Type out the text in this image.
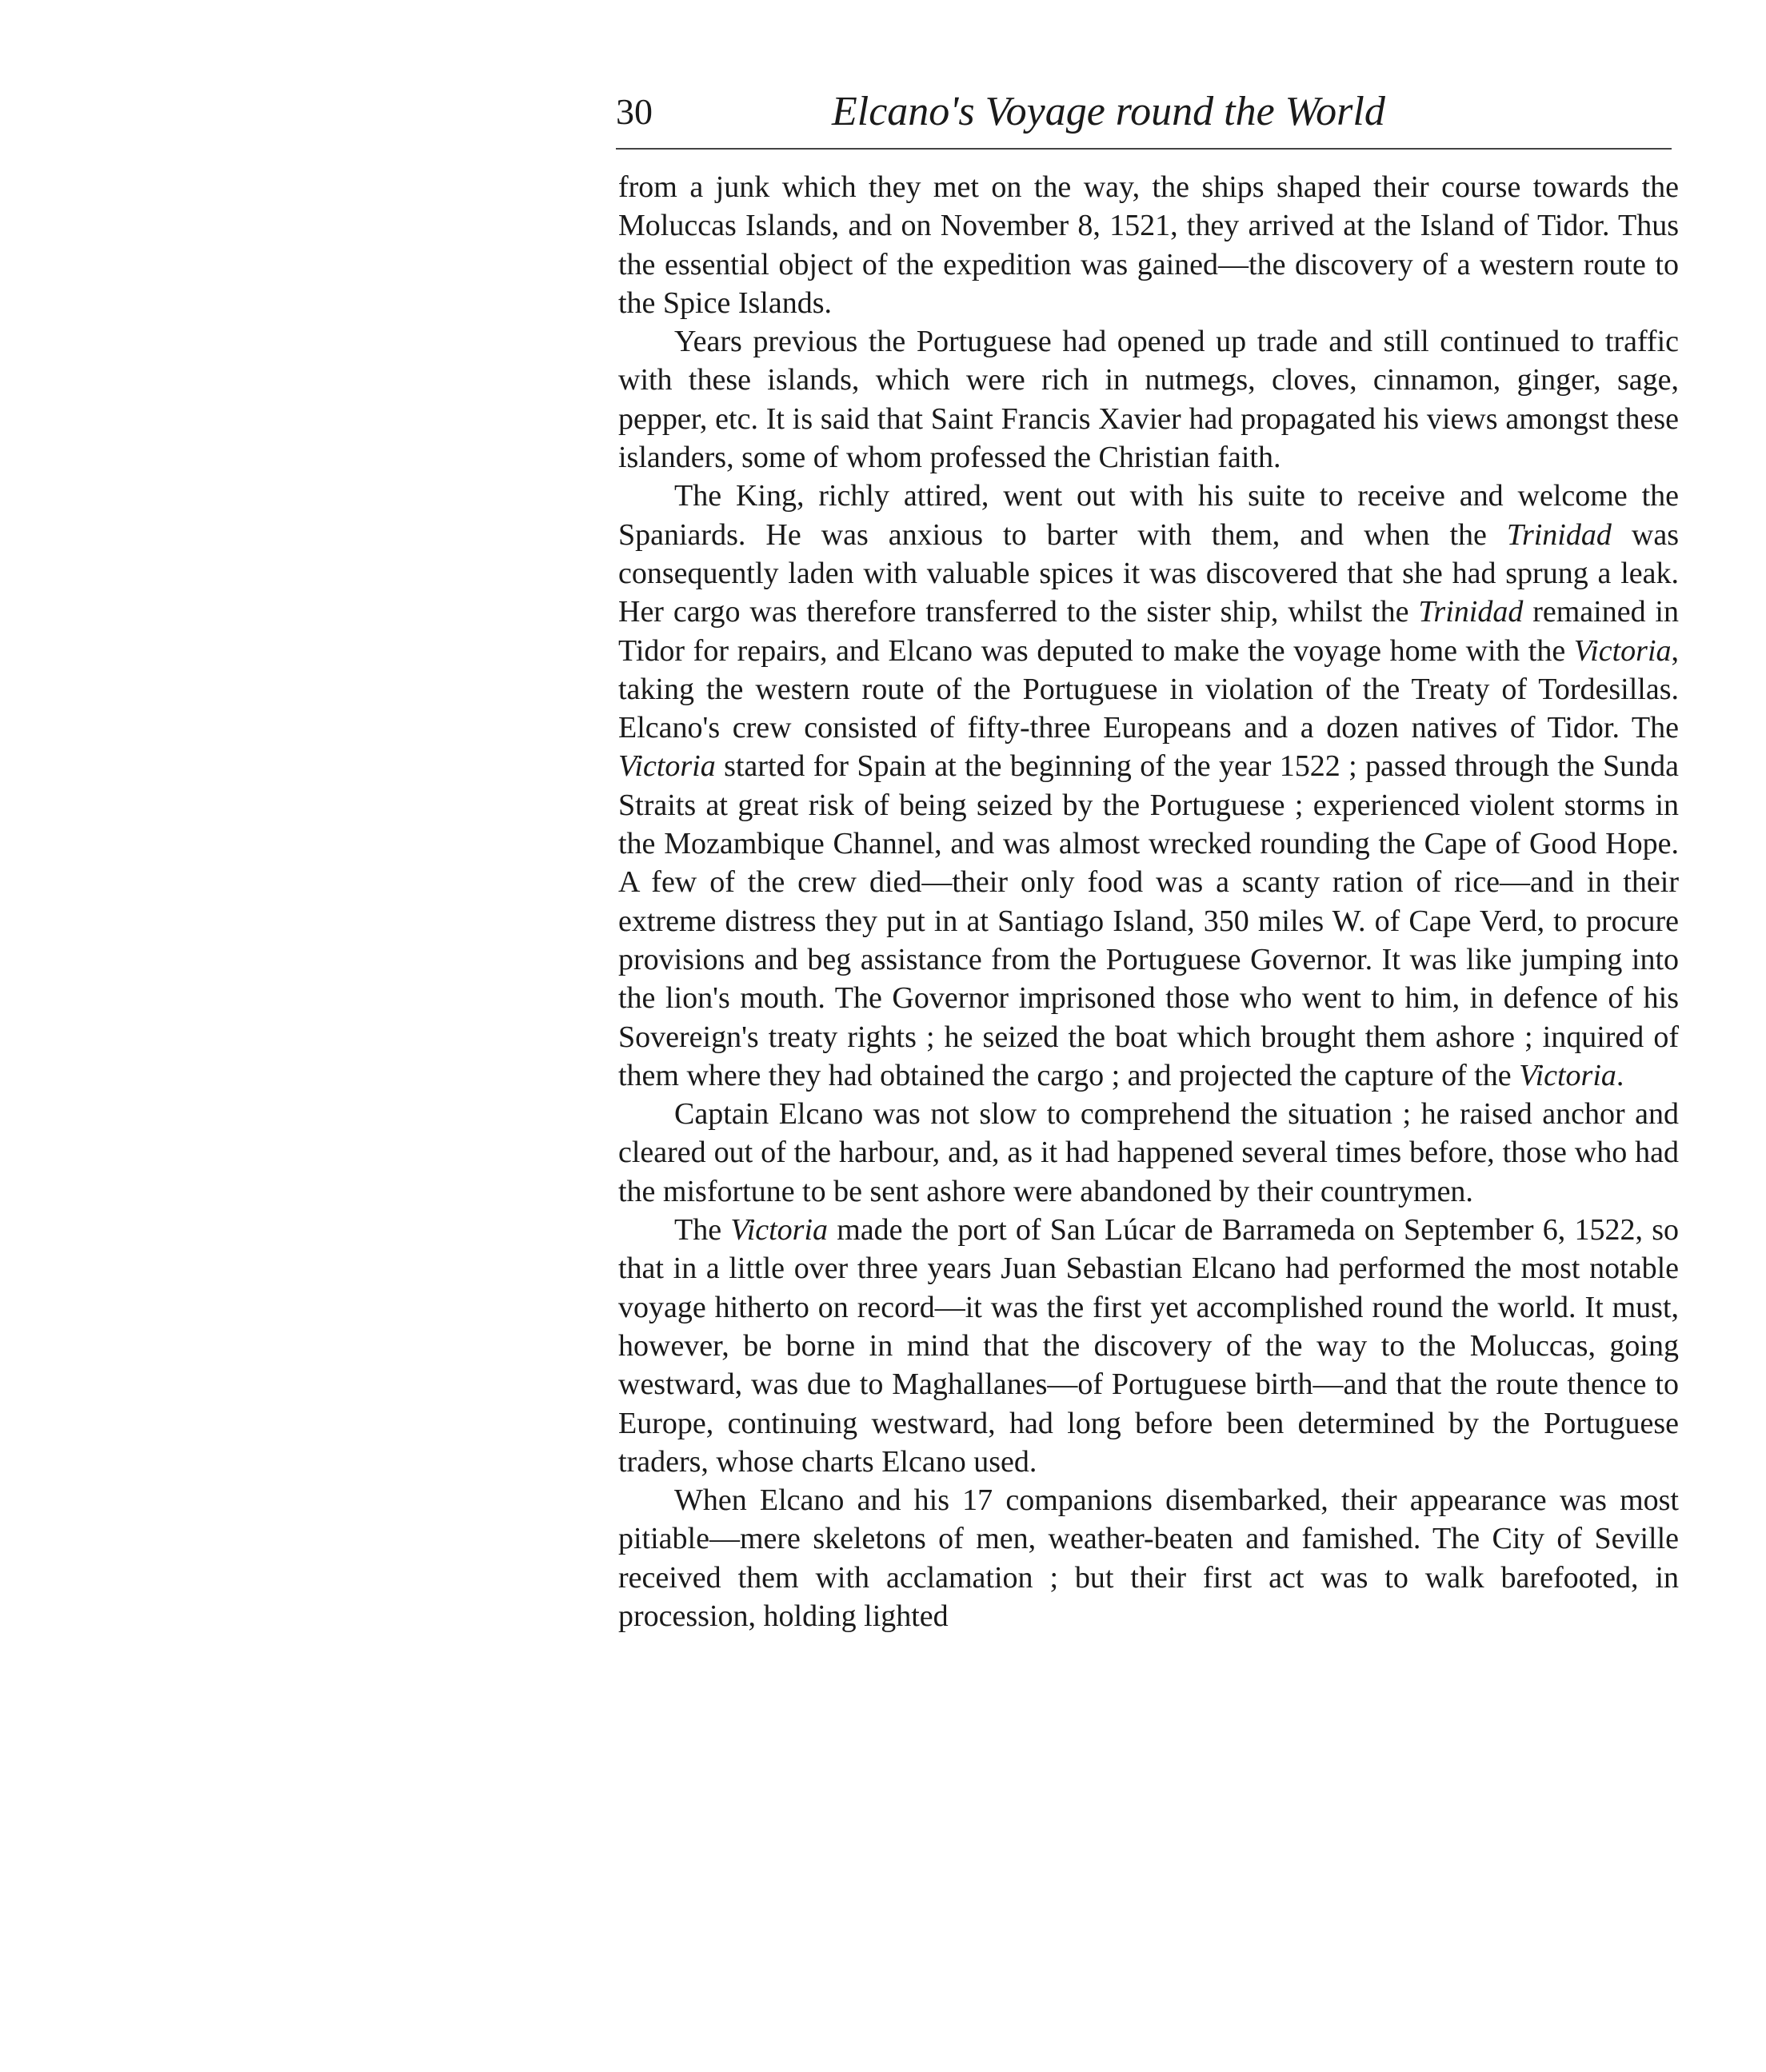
30	Elcano's Voyage round the World

from a junk which they met on the way, the ships shaped their course towards the Moluccas Islands, and on November 8, 1521, they arrived at the Island of Tidor. Thus the essential object of the expedition was gained—the discovery of a western route to the Spice Islands.

Years previous the Portuguese had opened up trade and still continued to traffic with these islands, which were rich in nutmegs, cloves, cinnamon, ginger, sage, pepper, etc. It is said that Saint Francis Xavier had propagated his views amongst these islanders, some of whom professed the Christian faith.

The King, richly attired, went out with his suite to receive and welcome the Spaniards. He was anxious to barter with them, and when the Trinidad was consequently laden with valuable spices it was discovered that she had sprung a leak. Her cargo was therefore transferred to the sister ship, whilst the Trinidad remained in Tidor for repairs, and Elcano was deputed to make the voyage home with the Victoria, taking the western route of the Portuguese in violation of the Treaty of Tordesillas. Elcano's crew consisted of fifty-three Europeans and a dozen natives of Tidor. The Victoria started for Spain at the beginning of the year 1522 ; passed through the Sunda Straits at great risk of being seized by the Portuguese ; experienced violent storms in the Mozambique Channel, and was almost wrecked rounding the Cape of Good Hope. A few of the crew died—their only food was a scanty ration of rice—and in their extreme distress they put in at Santiago Island, 350 miles W. of Cape Verd, to procure provisions and beg assistance from the Portuguese Governor. It was like jumping into the lion's mouth. The Governor imprisoned those who went to him, in defence of his Sovereign's treaty rights ; he seized the boat which brought them ashore ; inquired of them where they had obtained the cargo ; and projected the capture of the Victoria.

Captain Elcano was not slow to comprehend the situation ; he raised anchor and cleared out of the harbour, and, as it had happened several times before, those who had the misfortune to be sent ashore were abandoned by their countrymen.

The Victoria made the port of San Lúcar de Barrameda on September 6, 1522, so that in a little over three years Juan Sebastian Elcano had performed the most notable voyage hitherto on record—it was the first yet accomplished round the world. It must, however, be borne in mind that the discovery of the way to the Moluccas, going westward, was due to Maghallanes—of Portuguese birth—and that the route thence to Europe, continuing westward, had long before been determined by the Portuguese traders, whose charts Elcano used.

When Elcano and his 17 companions disembarked, their appearance was most pitiable—mere skeletons of men, weather-beaten and famished. The City of Seville received them with acclamation ; but their first act was to walk barefooted, in procession, holding lighted
